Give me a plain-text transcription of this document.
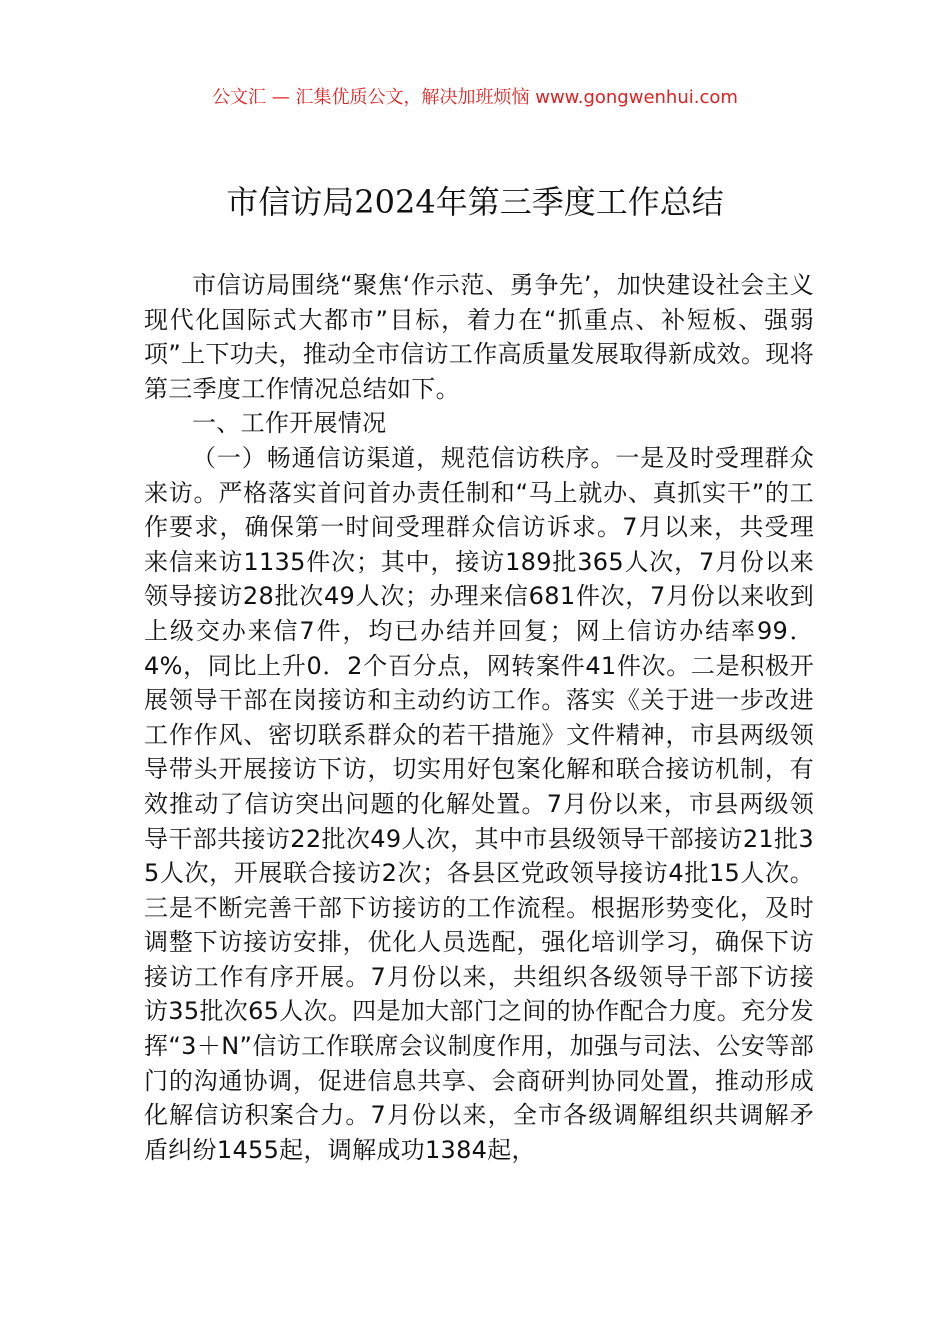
公文汇 — 汇集优质公文，解决加班烦恼 www.gongwenhui.com
市信访局2024年第三季度工作总结

市信访局围绕“聚焦‘作示范、勇争先’，加快建设社会主义现代化国际式大都市”目标，着力在“抓重点、补短板、强弱项”上下功夫，推动全市信访工作高质量发展取得新成效。现将第三季度工作情况总结如下。

一、工作开展情况

（一）畅通信访渠道，规范信访秩序。一是及时受理群众来访。严格落实首问首办责任制和“马上就办、真抓实干”的工作要求，确保第一时间受理群众信访诉求。7月以来，共受理来信来访1135件次；其中，接访189批365人次，7月份以来领导接访28批次49人次；办理来信681件次，7月份以来收到上级交办来信7件，均已办结并回复；网上信访办结率99．4%，同比上升0．2个百分点，网转案件41件次。二是积极开展领导干部在岗接访和主动约访工作。落实《关于进一步改进工作作风、密切联系群众的若干措施》文件精神，市县两级领导带头开展接访下访，切实用好包案化解和联合接访机制，有效推动了信访突出问题的化解处置。7月份以来，市县两级领导干部共接访22批次49人次，其中市县级领导干部接访21批35人次，开展联合接访2次；各县区党政领导接访4批15人次。三是不断完善干部下访接访的工作流程。根据形势变化，及时调整下访接访安排，优化人员选配，强化培训学习，确保下访接访工作有序开展。7月份以来，共组织各级领导干部下访接访35批次65人次。四是加大部门之间的协作配合力度。充分发挥“3＋N”信访工作联席会议制度作用，加强与司法、公安等部门的沟通协调，促进信息共享、会商研判协同处置，推动形成化解信访积案合力。7月份以来，全市各级调解组织共调解矛盾纠纷1455起，调解成功1384起，
